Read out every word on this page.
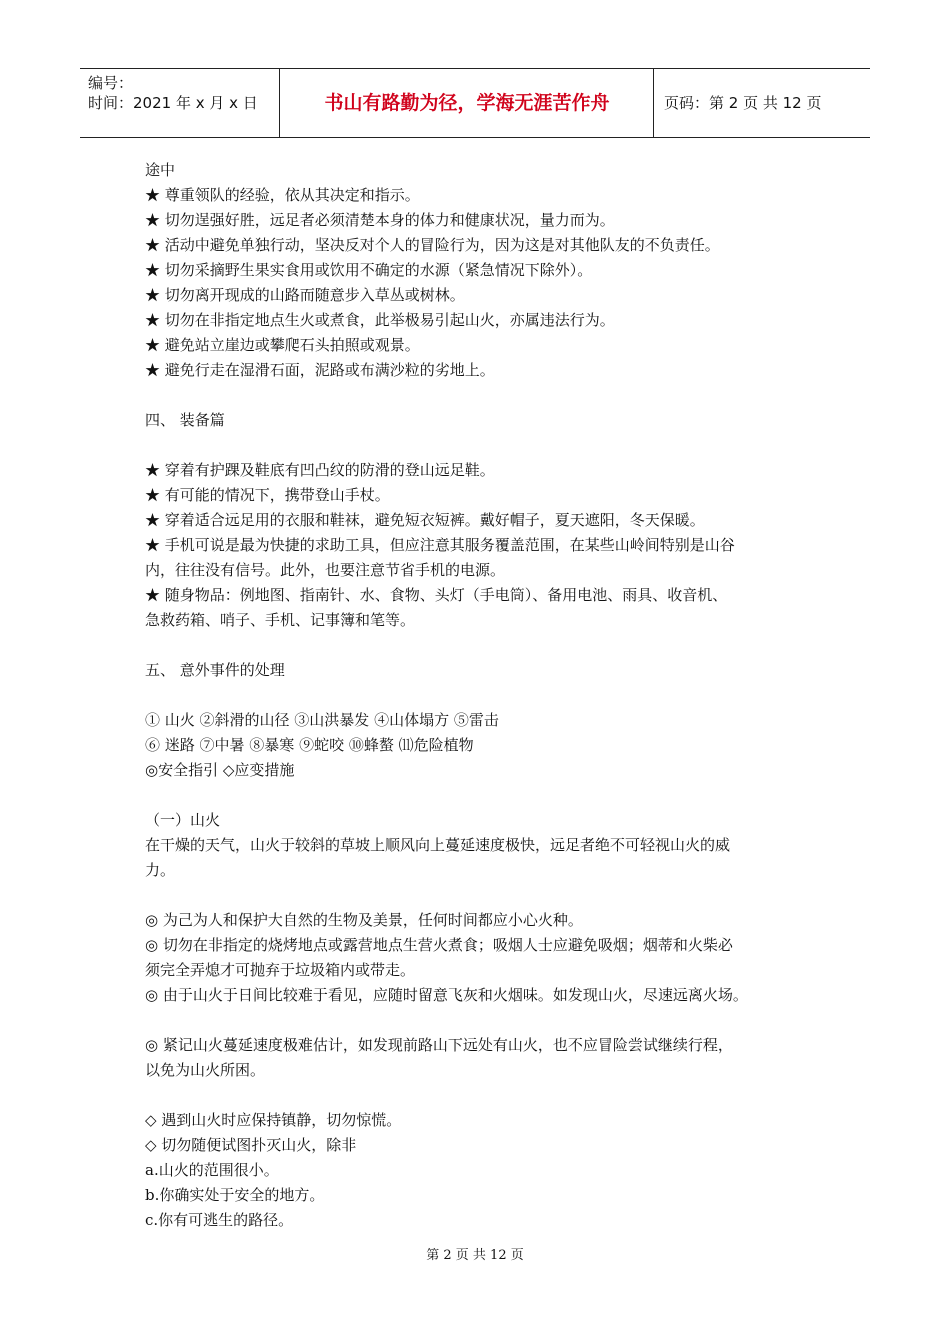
编号：
时间：2021 年 x 月 x 日	书山有路勤为径，学海无涯苦作舟	页码：第 2 页 共 12 页
途中
★ 尊重领队的经验，依从其决定和指示。
★ 切勿逞强好胜，远足者必须清楚本身的体力和健康状况，量力而为。
★ 活动中避免单独行动，坚决反对个人的冒险行为，因为这是对其他队友的不负责任。
★ 切勿采摘野生果实食用或饮用不确定的水源（紧急情况下除外）。
★ 切勿离开现成的山路而随意步入草丛或树林。
★ 切勿在非指定地点生火或煮食，此举极易引起山火，亦属违法行为。
★ 避免站立崖边或攀爬石头拍照或观景。
★ 避免行走在湿滑石面，泥路或布满沙粒的劣地上。
四、 装备篇
★ 穿着有护踝及鞋底有凹凸纹的防滑的登山远足鞋。
★ 有可能的情况下，携带登山手杖。
★ 穿着适合远足用的衣服和鞋袜，避免短衣短裤。戴好帽子，夏天遮阳，冬天保暖。
★ 手机可说是最为快捷的求助工具，但应注意其服务覆盖范围，在某些山岭间特别是山谷
内，往往没有信号。此外，也要注意节省手机的电源。
★ 随身物品：例地图、指南针、水、食物、头灯（手电筒）、备用电池、雨具、收音机、
急救药箱、哨子、手机、记事簿和笔等。
五、 意外事件的处理
① 山火 ②斜滑的山径 ③山洪暴发 ④山体塌方 ⑤雷击
⑥ 迷路 ⑦中暑 ⑧暴寒 ⑨蛇咬 ⑩蜂螯 ⑾危险植物
◎安全指引 ◇应变措施
（一）山火
在干燥的天气，山火于较斜的草坡上顺风向上蔓延速度极快，远足者绝不可轻视山火的威
力。
◎ 为己为人和保护大自然的生物及美景，任何时间都应小心火种。
◎ 切勿在非指定的烧烤地点或露营地点生营火煮食；吸烟人士应避免吸烟；烟蒂和火柴必
须完全弄熄才可抛弃于垃圾箱内或带走。
◎ 由于山火于日间比较难于看见，应随时留意飞灰和火烟味。如发现山火，尽速远离火场。
◎ 紧记山火蔓延速度极难估计，如发现前路山下远处有山火，也不应冒险尝试继续行程，
以免为山火所困。
◇ 遇到山火时应保持镇静，切勿惊慌。
◇ 切勿随便试图扑灭山火，除非
a.山火的范围很小。
b.你确实处于安全的地方。
c.你有可逃生的路径。
第 2 页 共 12 页
